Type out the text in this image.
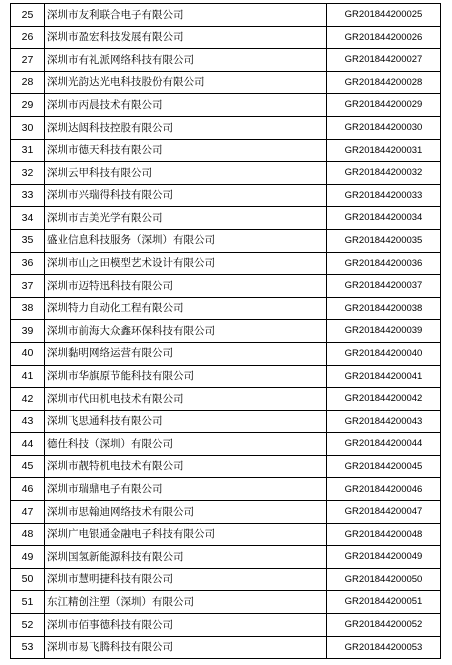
25	深圳市友利联合电子有限公司	GR201844200025
26	深圳市盈宏科技发展有限公司	GR201844200026
27	深圳市有礼派网络科技有限公司	GR201844200027
28	深圳光韵达光电科技股份有限公司	GR201844200028
29	深圳市丙晨技术有限公司	GR201844200029
30	深圳达闼科技控股有限公司	GR201844200030
31	深圳市德天科技有限公司	GR201844200031
32	深圳云甲科技有限公司	GR201844200032
33	深圳市兴瑞得科技有限公司	GR201844200033
34	深圳市吉美光学有限公司	GR201844200034
35	盛业信息科技服务（深圳）有限公司	GR201844200035
36	深圳市山之田模型艺术设计有限公司	GR201844200036
37	深圳市迈特迅科技有限公司	GR201844200037
38	深圳特力自动化工程有限公司	GR201844200038
39	深圳市前海大众鑫环保科技有限公司	GR201844200039
40	深圳黏明网络运营有限公司	GR201844200040
41	深圳市华旗原节能科技有限公司	GR201844200041
42	深圳市代田机电技术有限公司	GR201844200042
43	深圳飞思通科技有限公司	GR201844200043
44	德仕科技（深圳）有限公司	GR201844200044
45	深圳市靓特机电技术有限公司	GR201844200045
46	深圳市瑞鼎电子有限公司	GR201844200046
47	深圳市思翰迪网络技术有限公司	GR201844200047
48	深圳广电银通金融电子科技有限公司	GR201844200048
49	深圳国氢新能源科技有限公司	GR201844200049
50	深圳市慧明捷科技有限公司	GR201844200050
51	东江精创注塑（深圳）有限公司	GR201844200051
52	深圳市佰事德科技有限公司	GR201844200052
53	深圳市易飞腾科技有限公司	GR201844200053
